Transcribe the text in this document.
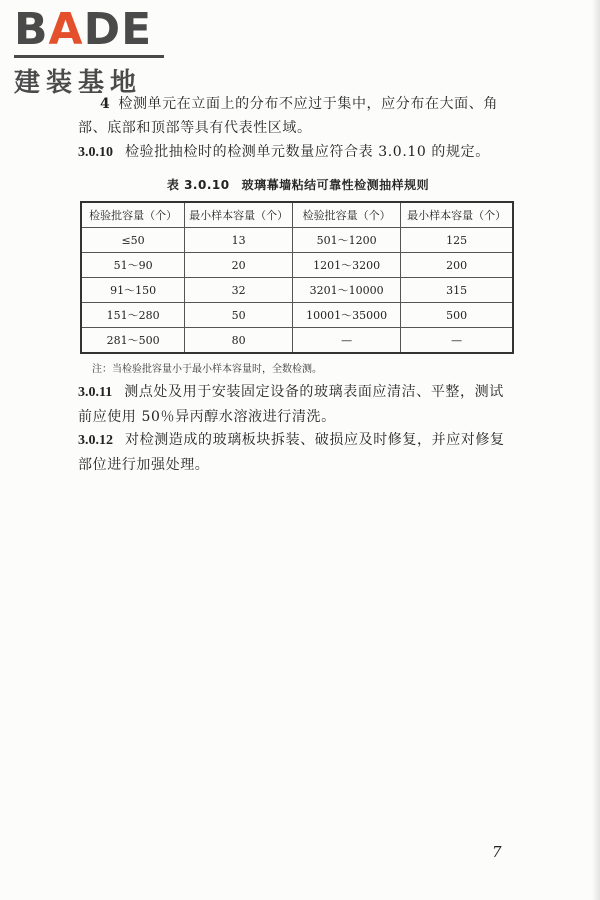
BADE
建装基地
4 检测单元在立面上的分布不应过于集中，应分布在大面、角部、底部和顶部等具有代表性区域。
3.0.10 检验批抽检时的检测单元数量应符合表 3.0.10 的规定。
表 3.0.10 玻璃幕墙粘结可靠性检测抽样规则
检验批容量（个）	最小样本容量（个）	检验批容量（个）	最小样本容量（个）
≤50	13	501～1200	125
51～90	20	1201～3200	200
91～150	32	3201～10000	315
151～280	50	10001～35000	500
281～500	80	—	—
注：当检验批容量小于最小样本容量时，全数检测。
3.0.11 测点处及用于安装固定设备的玻璃表面应清洁、平整，测试前应使用 50％异丙醇水溶液进行清洗。
3.0.12 对检测造成的玻璃板块拆装、破损应及时修复，并应对修复部位进行加强处理。
7
